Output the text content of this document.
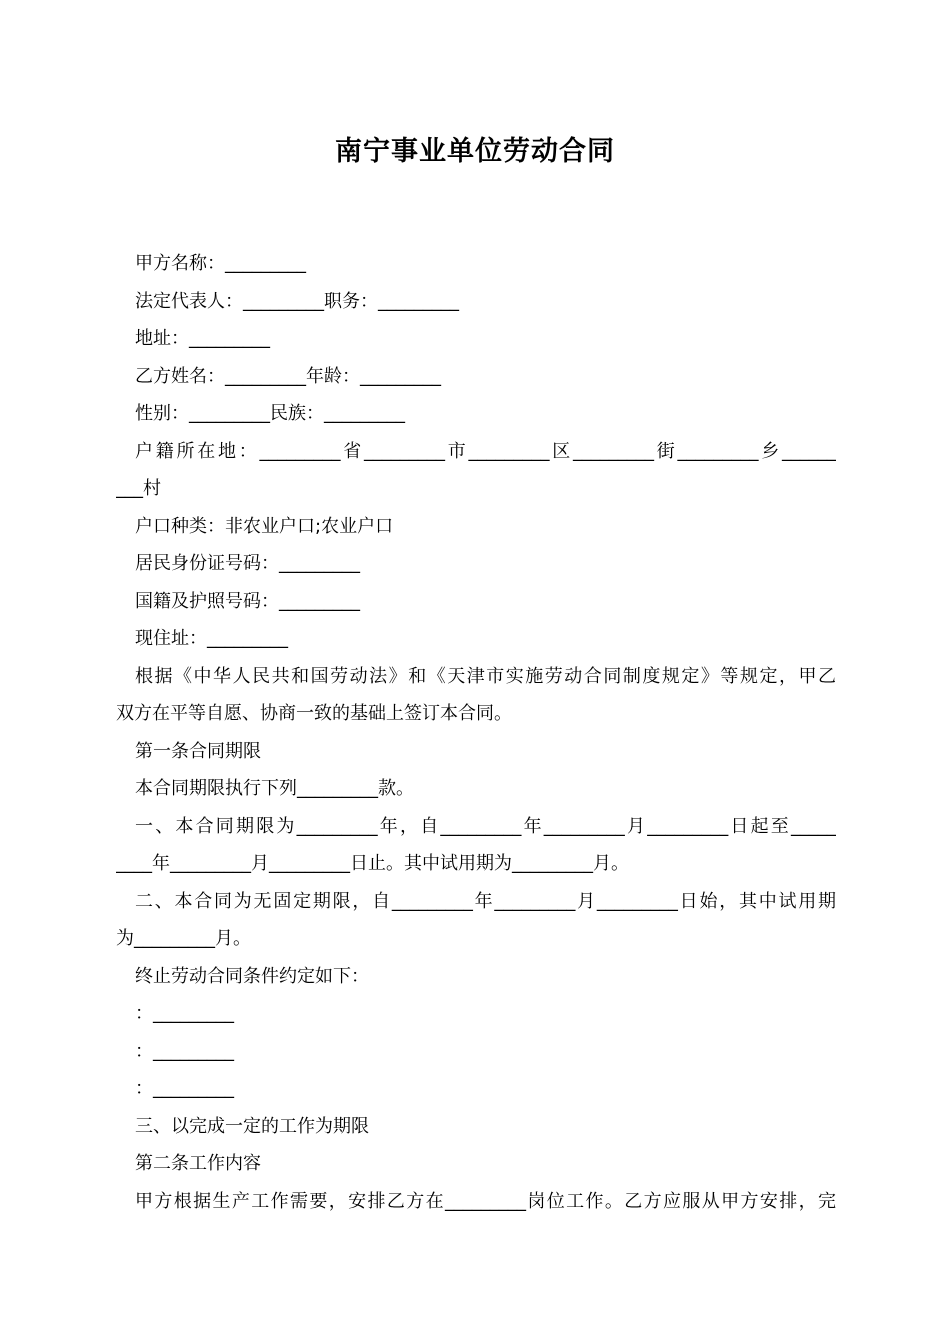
南宁事业单位劳动合同
甲方名称：_________
法定代表人：_________职务：_________
地址：_________
乙方姓名：_________年龄：_________
性别：_________民族：_________
户籍所在地：_________省_________市_________区_________街_________乡______
___村
户口种类：非农业户口;农业户口
居民身份证号码：_________
国籍及护照号码：_________
现住址：_________
根据《中华人民共和国劳动法》和《天津市实施劳动合同制度规定》等规定，甲乙
双方在平等自愿、协商一致的基础上签订本合同。
第一条合同期限
本合同期限执行下列_________款。
一、本合同期限为_________年，自_________年_________月_________日起至_____
____年_________月_________日止。其中试用期为_________月。
二、本合同为无固定期限，自_________年_________月_________日始，其中试用期
为_________月。
终止劳动合同条件约定如下：
：_________
：_________
：_________
三、以完成一定的工作为期限
第二条工作内容
甲方根据生产工作需要，安排乙方在_________岗位工作。乙方应服从甲方安排，完
